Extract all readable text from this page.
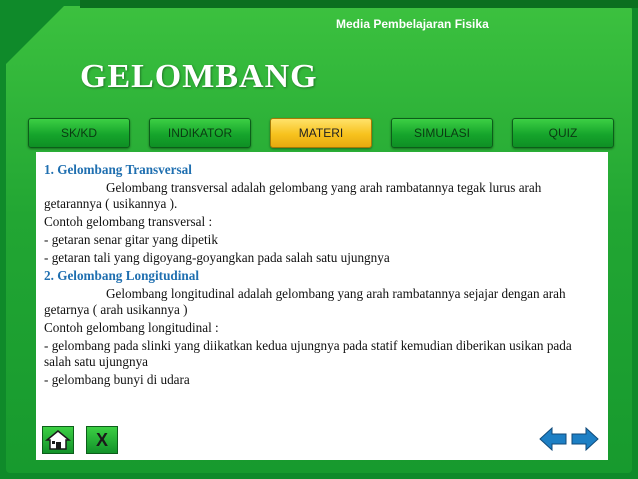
Media Pembelajaran Fisika
GELOMBANG
SK/KD	INDIKATOR	MATERI	SIMULASI	QUIZ

1. Gelombang Transversal

Gelombang transversal adalah gelombang yang arah rambatannya tegak lurus arah getarannya ( usikannya ).

Contoh gelombang transversal :

- getaran senar gitar yang dipetik

- getaran tali yang digoyang-goyangkan pada salah satu ujungnya

2. Gelombang Longitudinal

Gelombang longitudinal adalah gelombang yang arah rambatannya sejajar dengan arah getarnya ( arah usikannya )

Contoh gelombang longitudinal :

- gelombang pada slinki yang diikatkan kedua ujungnya pada statif kemudian diberikan usikan pada salah satu ujungnya

- gelombang bunyi di udara

X
